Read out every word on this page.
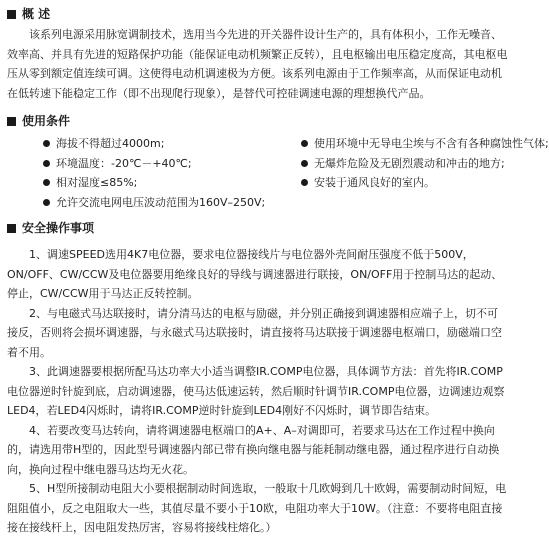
概 述

该系列电源采用脉宽调制技术，选用当今先进的开关器件设计生产的，具有体积小，工作无噪音、效率高、并具有先进的短路保护功能（能保证电动机频繁正反转），且电枢输出电压稳定度高，其电枢电压从零到额定值连续可调。这使得电动机调速极为方便。该系列电源由于工作频率高，从而保证电动机在低转速下能稳定工作（即不出现爬行现象），是替代可控硅调速电源的理想换代产品。

使用条件
海拔不得超过4000m;	使用环境中无导电尘埃与不含有各种腐蚀性气体;
环境温度：-20℃－+40℃;	无爆炸危险及无剧烈震动和冲击的地方;
相对湿度≤85%;	安装于通风良好的室内。
允许交流电网电压波动范围为160V–250V;
安全操作事项

1、调速SPEED选用4K7电位器，要求电位器接线片与电位器外壳间耐压强度不低于500V，ON/OFF、CW/CCW及电位器要用绝缘良好的导线与调速器进行联接，ON/OFF用于控制马达的起动、停止，CW/CCW用于马达正反转控制。

2、与电磁式马达联接时，请分清马达的电枢与励磁，并分别正确接到调速器相应端子上，切不可接反，否则将会损坏调速器，与永磁式马达联接时，请直接将马达联接于调速器电枢端口，励磁端口空着不用。

3、此调速器要根据所配马达功率大小适当调整IR.COMP电位器，具体调节方法：首先将IR.COMP电位器逆时针旋到底，启动调速器，使马达低速运转，然后顺时针调节IR.COMP电位器，边调速边观察LED4，若LED4闪烁时，请将IR.COMP逆时针旋到LED4刚好不闪烁时，调节即告结束。

4、若要改变马达转向，请将调速器电枢端口的A+、A–对调即可，若要求马达在工作过程中换向的，请选用带H型的，因此型号调速器内部已带有换向继电器与能耗制动继电器，通过程序进行自动换向，换向过程中继电器马达均无火花。

5、H型所接制动电阻大小要根据制动时间选取，一般取十几欧姆到几十欧姆，需要制动时间短，电阻阻值小，反之电阻取大一些，其值尽量不要小于10欧，电阻功率大于10W。（注意：不要将电阻直接接在接线杆上，因电阻发热厉害，容易将接线柱熔化。）
